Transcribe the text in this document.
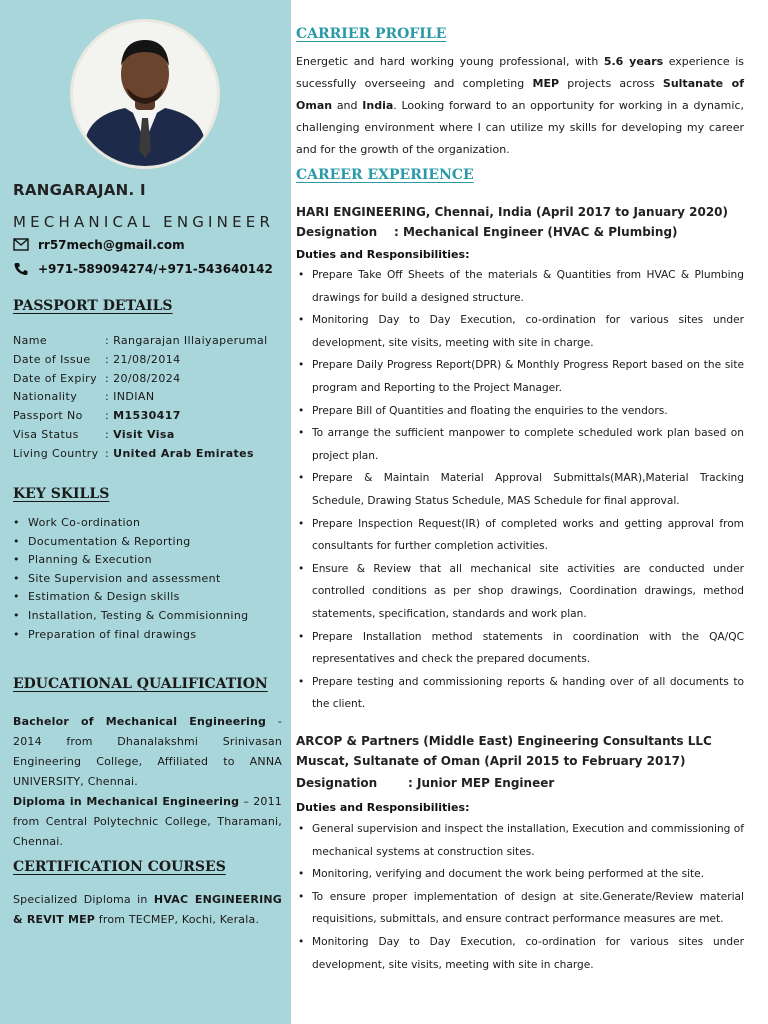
RANGARAJAN. I
MECHANICAL ENGINEER
rr57mech@gmail.com
+971-589094274/+971-543640142
PASSPORT DETAILS
Name	: Rangarajan Illaiyaperumal
Date of Issue	: 21/08/2014
Date of Expiry : 20/08/2024
Nationality	: INDIAN
Passport No	: M1530417
Visa Status	: Visit Visa
Living Country : United Arab Emirates
KEY SKILLS
• Work Co-ordination
• Documentation & Reporting
• Planning & Execution
• Site Supervision and assessment
• Estimation & Design skills
• Installation, Testing & Commisionning
• Preparation of final drawings
EDUCATIONAL QUALIFICATION
Bachelor of Mechanical Engineering - 2014 from Dhanalakshmi Srinivasan Engineering College, Affiliated to ANNA UNIVERSITY, Chennai.
Diploma in Mechanical Engineering – 2011 from Central Polytechnic College, Tharamani, Chennai.
CERTIFICATION COURSES
Specialized Diploma in HVAC ENGINEERING & REVIT MEP from TECMEP, Kochi, Kerala.
CARRIER PROFILE
Energetic and hard working young professional, with 5.6 years experience is sucessfully overseeing and completing MEP projects across Sultanate of Oman and India. Looking forward to an opportunity for working in a dynamic, challenging environment where I can utilize my skills for developing my career and for the growth of the organization.
CAREER EXPERIENCE
HARI ENGINEERING, Chennai, India (April 2017 to January 2020)
Designation : Mechanical Engineer (HVAC & Plumbing)
Duties and Responsibilities:
• Prepare Take Off Sheets of the materials & Quantities from HVAC & Plumbing drawings for build a designed structure.
• Monitoring Day to Day Execution, co-ordination for various sites under development, site visits, meeting with site in charge.
• Prepare Daily Progress Report(DPR) & Monthly Progress Report based on the site program and Reporting to the Project Manager.
• Prepare Bill of Quantities and floating the enquiries to the vendors.
• To arrange the sufficient manpower to complete scheduled work plan based on project plan.
• Prepare & Maintain Material Approval Submittals(MAR),Material Tracking Schedule, Drawing Status Schedule, MAS Schedule for final approval.
• Prepare Inspection Request(IR) of completed works and getting approval from consultants for further completion activities.
• Ensure & Review that all mechanical site activities are conducted under controlled conditions as per shop drawings, Coordination drawings, method statements, specification, standards and work plan.
• Prepare Installation method statements in coordination with the QA/QC representatives and check the prepared documents.
• Prepare testing and commissioning reports & handing over of all documents to the client.
ARCOP & Partners (Middle East) Engineering Consultants LLC
Muscat, Sultanate of Oman (April 2015 to February 2017)
Designation	: Junior MEP Engineer
Duties and Responsibilities:
• General supervision and inspect the installation, Execution and commissioning of mechanical systems at construction sites.
• Monitoring, verifying and document the work being performed at the site.
• To ensure proper implementation of design at site.Generate/Review material requisitions, submittals, and ensure contract performance measures are met.
• Monitoring Day to Day Execution, co-ordination for various sites under development, site visits, meeting with site in charge.
